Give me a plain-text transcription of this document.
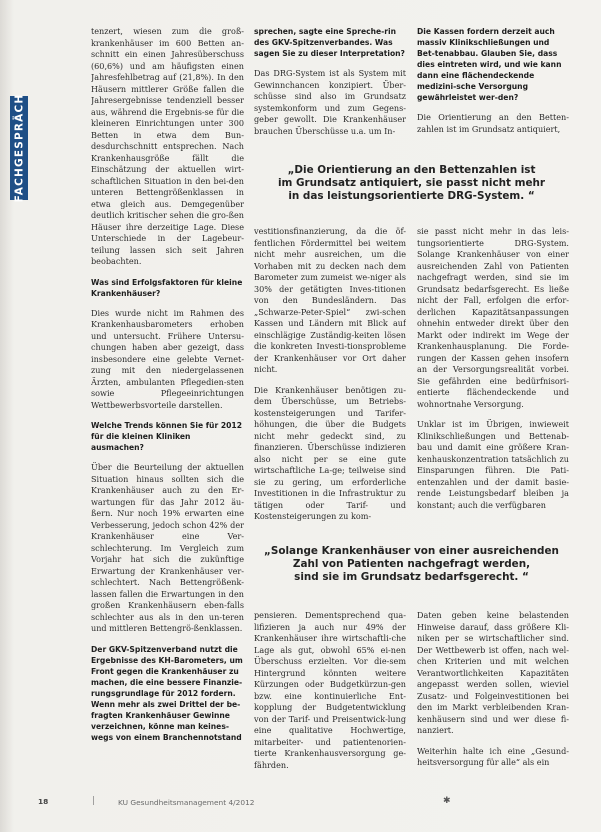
FACHGESPRÄCH

tenzert, wiesen zum die groß-krankenhäuser im 600 Betten an-schnitt ein einen Jahresüberschuss (60,6%) und am häufigsten einen Jahresfehlbetrag auf (21,8%). In den Häusern mittlerer Größe fallen die Jahresergebnisse tendenziell besser aus, während die Ergebnis-se für die kleineren Einrichtungen unter 300 Betten in etwa dem Bun-desdurchschnitt entsprechen. Nach Krankenhausgröße fällt die Einschätzung der aktuellen wirt-schaftlichen Situation in den bei-den unteren Bettengrößenklassen in etwa gleich aus. Demgegenüber deutlich kritischer sehen die gro-ßen Häuser ihre derzeitige Lage. Diese Unterschiede in der Lagebeur-teilung lassen sich seit Jahren beobachten.

Was sind Erfolgsfaktoren für kleine Krankenhäuser?

Dies wurde nicht im Rahmen des Krankenhausbarometers erhoben und untersucht. Frühere Untersu-chungen haben aber gezeigt, dass insbesondere eine gelebte Vernet-zung mit den niedergelassenen Ärzten, ambulanten Pflegedien-sten sowie Pflegeeinrichtungen Wettbewerbsvorteile darstellen.

Welche Trends können Sie für 2012 für die kleinen Kliniken ausmachen?

Über die Beurteilung der aktuellen Situation hinaus sollten sich die Krankenhäuser auch zu den Er-wartungen für das Jahr 2012 äu-ßern. Nur noch 19% erwarten eine Verbesserung, jedoch schon 42% der Krankenhäuser eine Ver-schlechterung. Im Vergleich zum Vorjahr hat sich die zukünftige Erwartung der Krankenhäuser ver-schlechtert. Nach Bettengrößenk-lassen fallen die Erwartungen in den großen Krankenhäusern eben-falls schlechter aus als in den un-teren und mittleren Bettengrö-ßenklassen.

Der GKV-Spitzenverband nutzt die Ergebnisse des KH-Barometers, um Front gegen die Krankenhäuser zu machen, die eine bessere Finanzie-rungsgrundlage für 2012 fordern. Wenn mehr als zwei Drittel der be-fragten Krankenhäuser Gewinne verzeichnen, könne man keines-wegs von einem Branchennotstand

sprechen, sagte eine Spreche-rin des GKV-Spitzenverbandes. Was sagen Sie zu dieser Interpretation?

Das DRG-System ist als System mit Gewinnchancen konzipiert. Über-schüsse sind also im Grundsatz systemkonform und zum Gegens-geber gewollt. Die Krankenhäuser brauchen Überschüsse u.a. um In-

Die Kassen fordern derzeit auch massiv Klinikschließungen und Bet-tenabbau. Glauben Sie, dass dies eintreten wird, und wie kann dann eine flächendeckende medizini-sche Versorgung gewährleistet wer-den?

Die Orientierung an den Betten-zahlen ist im Grundsatz antiquiert,

„Die Orientierung an den Bettenzahlen ist
im Grundsatz antiquiert, sie passt nicht mehr
in das leistungsorientierte DRG-System. “

vestitionsfinanzierung, da die öf-fentlichen Fördermittel bei weitem nicht mehr ausreichen, um die Vorhaben mit zu decken nach dem Barometer zum zumeist we-niger als 30% der getätigten Inves-titionen von den Bundesländern. Das „Schwarze-Peter-Spiel“ zwi-schen Kassen und Ländern mit Blick auf einschlägige Zuständig-keiten lösen die konkreten Investi-tionsprobleme der Krankenhäuser vor Ort daher nicht.

Die Krankenhäuser benötigen zu-dem Überschüsse, um Betriebs-kostensteigerungen und Tarifer-höhungen, die über die Budgets nicht mehr gedeckt sind, zu finanzieren. Überschüsse indizieren also nicht per se eine gute wirtschaftliche La-ge; teilweise sind sie zu gering, um erforderliche Investitionen in die Infrastruktur zu tätigen oder Tarif- und Kostensteigerungen zu kom-

sie passt nicht mehr in das leis-tungsorientierte DRG-System. Solange Krankenhäuser von einer ausreichenden Zahl von Patienten nachgefragt werden, sind sie im Grundsatz bedarfsgerecht. Es ließe nicht der Fall, erfolgen die erfor-derlichen Kapazitätsanpassungen ohnehin entweder direkt über den Markt oder indirekt im Wege der Krankenhausplanung. Die Forde-rungen der Kassen gehen insofern an der Versorgungsrealität vorbei. Sie gefährden eine bedürfnisori-entierte flächendeckende und wohnortnahe Versorgung.

Unklar ist im Übrigen, inwieweit Klinikschließungen und Bettenab-bau und damit eine größere Kran-kenhauskonzentration tatsächlich zu Einsparungen führen. Die Pati-entenzahlen und der damit basie-rende Leistungsbedarf bleiben ja konstant; auch die verfügbaren

„Solange Krankenhäuser von einer ausreichenden
Zahl von Patienten nachgefragt werden,
sind sie im Grundsatz bedarfsgerecht. “

pensieren. Dementsprechend qua-lifizieren ja auch nur 49% der Krankenhäuser ihre wirtschaftli-che Lage als gut, obwohl 65% ei-nen Überschuss erzielten. Vor die-sem Hintergrund könnten weitere Kürzungen oder Budgetkürzun-gen bzw. eine kontinuierliche Ent-kopplung der Budgetentwicklung von der Tarif- und Preisentwick-lung eine qualitative Hochwertige, mitarbeiter- und patientenorien-tierte Krankenhausversorgung ge-fährden.

Daten geben keine belastenden Hinweise darauf, dass größere Kli-niken per se wirtschaftlicher sind. Der Wettbewerb ist offen, nach wel-chen Kriterien und mit welchen Verantwortlichkeiten Kapazitäten angepasst werden sollen, wieviel Zusatz- und Folgeinvestitionen bei den im Markt verbleibenden Kran-kenhäusern sind und wer diese fi-nanziert.

Weiterhin halte ich eine „Gesund-heitsversorgung für alle“ als ein

18	|	KU Gesundheitsmanagement 4/2012	✱
